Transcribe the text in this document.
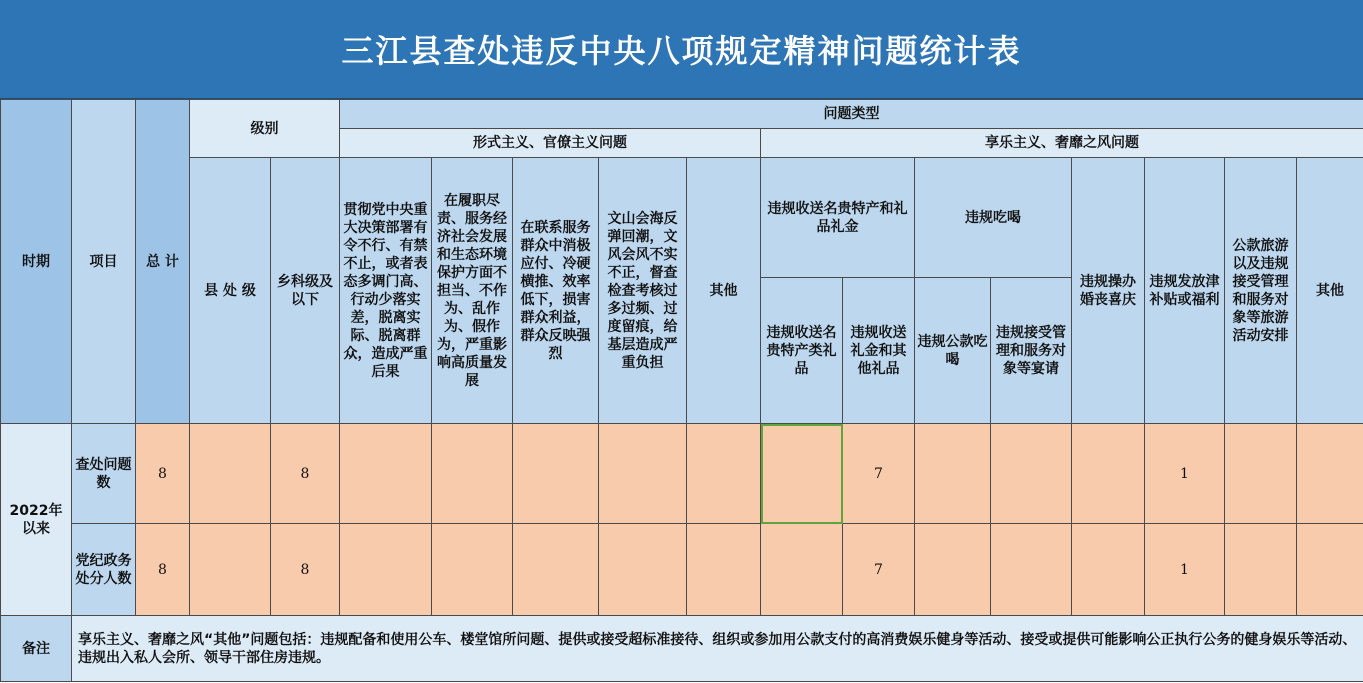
三江县查处违反中央八项规定精神问题统计表
时期	项目	总 计	级别		问题类型												
					形式主义、官僚主义问题					享乐主义、奢靡之风问题							
			县 处 级	乡科级及以下	贯彻党中央重大决策部署有令不行、有禁不止，或者表态多调门高、行动少落实差，脱离实际、脱离群众，造成严重后果	在履职尽责、服务经济社会发展和生态环境保护方面不担当、不作为、乱作为、假作为，严重影响高质量发展	在联系服务群众中消极应付、冷硬横推、效率低下，损害群众利益，群众反映强烈	文山会海反弹回潮，文风会风不实不正，督查检查考核过多过频、过度留痕，给基层造成严重负担	其他	违规收送名贵特产和礼品礼金		违规吃喝		违规操办婚丧喜庆	违规发放津补贴或福利	公款旅游以及违规接受管理和服务对象等旅游活动安排	其他
										违规收送名贵特产类礼品	违规收送礼金和其他礼品	违规公款吃喝	违规接受管理和服务对象等宴请				

2022年以来	查处问题数	8		8							7				1		
	党纪政务处分人数	8		8							7				1		
备注	享乐主义、奢靡之风“其他”问题包括：违规配备和使用公车、楼堂馆所问题、提供或接受超标准接待、组织或参加用公款支付的高消费娱乐健身等活动、接受或提供可能影响公正执行公务的健身娱乐等活动、违规出入私人会所、领导干部住房违规。																
